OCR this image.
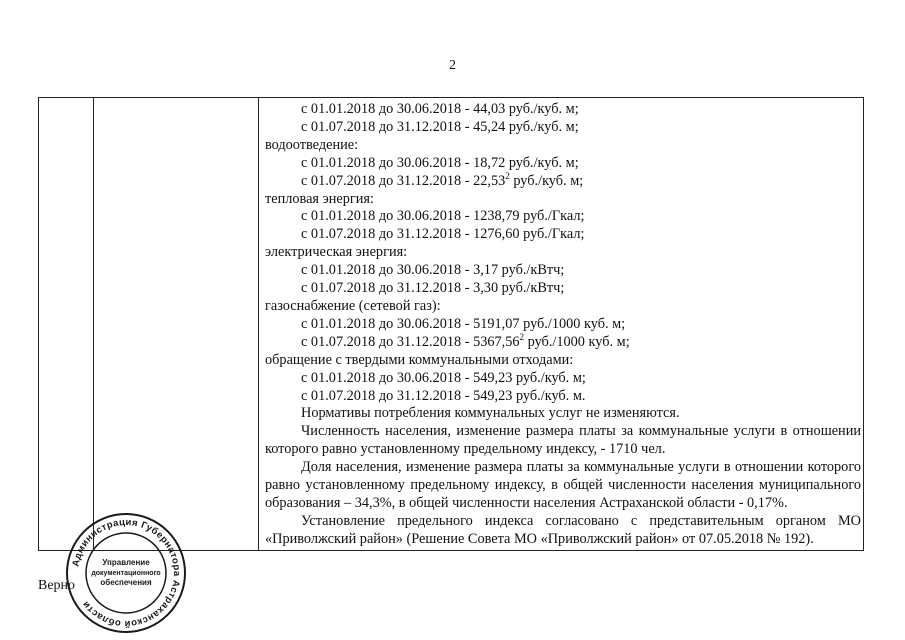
2
с 01.01.2018 до 30.06.2018 - 44,03 руб./куб. м;
с 01.07.2018 до 31.12.2018 - 45,24 руб./куб. м;
водоотведение:
с 01.01.2018 до 30.06.2018 - 18,72 руб./куб. м;
с 01.07.2018 до 31.12.2018 - 22,53$^2$ руб./куб. м;
тепловая энергия:
с 01.01.2018 до 30.06.2018 - 1238,79 руб./Гкал;
с 01.07.2018 до 31.12.2018 - 1276,60 руб./Гкал;
электрическая энергия:
с 01.01.2018 до 30.06.2018 - 3,17 руб./кВтч;
с 01.07.2018 до 31.12.2018 - 3,30 руб./кВтч;
газоснабжение (сетевой газ):
с 01.01.2018 до 30.06.2018 - 5191,07 руб./1000 куб. м;
с 01.07.2018 до 31.12.2018 - 5367,56$^2$ руб./1000 куб. м;
обращение с твердыми коммунальными отходами:
с 01.01.2018 до 30.06.2018 - 549,23 руб./куб. м;
с 01.07.2018 до 31.12.2018 - 549,23 руб./куб. м.
Нормативы потребления коммунальных услуг не изменяются.
Численность населения, изменение размера платы за коммунальные услуги в отношении которого равно установленному предельному индексу, - 1710 чел.
Доля населения, изменение размера платы за коммунальные услуги в отношении которого равно установленному предельному индексу, в общей численности населения муниципального образования – 34,3%, в общей численности населения Астраханской области - 0,17%.
Установление предельного индекса согласовано с представительным органом МО «Приволжский район» (Решение Совета МО «Приволжский район» от 07.05.2018 № 192).
Верно
Администрация Губернатора Астраханской области
Управление
документационного
обеспечения
